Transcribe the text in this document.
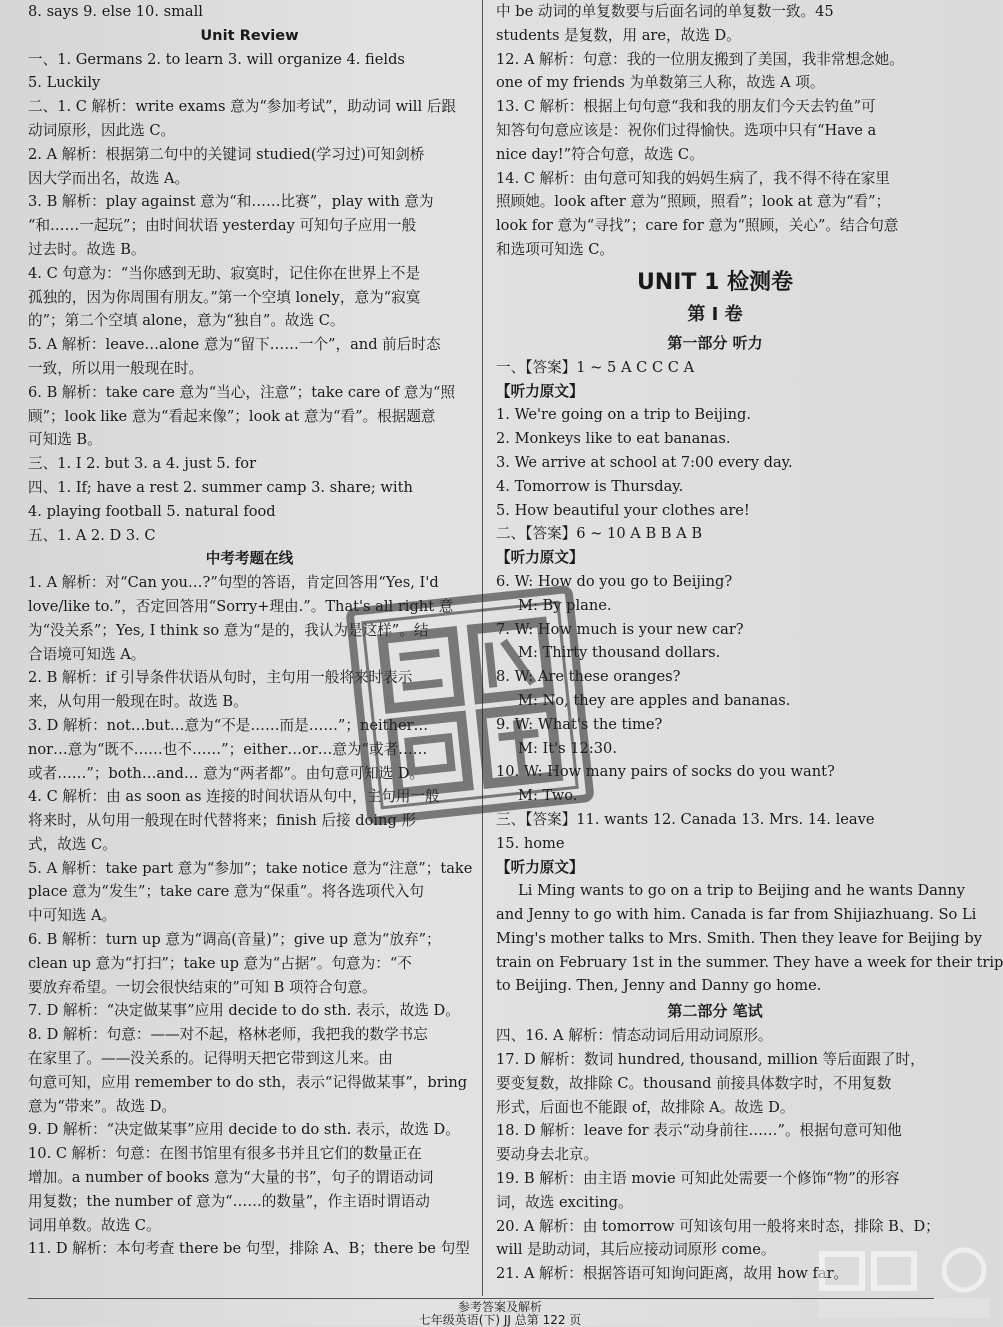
8. says 9. else 10. small
Unit Review
一、1. Germans 2. to learn 3. will organize 4. fields
5. Luckily
二、1. C 解析：write exams 意为“参加考试”，助动词 will 后跟
动词原形，因此选 C。
2. A 解析：根据第二句中的关键词 studied(学习过)可知剑桥
因大学而出名，故选 A。
3. B 解析：play against 意为“和……比赛”，play with 意为
“和……一起玩”；由时间状语 yesterday 可知句子应用一般
过去时。故选 B。
4. C 句意为：“当你感到无助、寂寞时，记住你在世界上不是
孤独的，因为你周围有朋友。”第一个空填 lonely，意为“寂寞
的”；第二个空填 alone，意为“独自”。故选 C。
5. A 解析：leave…alone 意为“留下……一个”，and 前后时态
一致，所以用一般现在时。
6. B 解析：take care 意为“当心，注意”；take care of 意为“照
顾”；look like 意为“看起来像”；look at 意为“看”。根据题意
可知选 B。
三、1. I 2. but 3. a 4. just 5. for
四、1. If; have a rest 2. summer camp 3. share; with
4. playing football 5. natural food
五、1. A 2. D 3. C
中考考题在线
1. A 解析：对“Can you…?”句型的答语，肯定回答用“Yes, I'd
love/like to.”，否定回答用“Sorry+理由.”。That's all right 意
为“没关系”；Yes, I think so 意为“是的，我认为是这样”。结
合语境可知选 A。
2. B 解析：if 引导条件状语从句时，主句用一般将来时表示
来，从句用一般现在时。故选 B。
3. D 解析：not…but…意为“不是……而是……”；neither…
nor…意为“既不……也不……”；either…or…意为“或者……
或者……”；both…and… 意为“两者都”。由句意可知选 D。
4. C 解析：由 as soon as 连接的时间状语从句中，主句用一般
将来时，从句用一般现在时代替将来；finish 后接 doing 形
式，故选 C。
5. A 解析：take part 意为“参加”；take notice 意为“注意”；take
place 意为“发生”；take care 意为“保重”。将各选项代入句
中可知选 A。
6. B 解析：turn up 意为“调高(音量)”；give up 意为“放弃”；
clean up 意为“打扫”；take up 意为“占据”。句意为：“不
要放弃希望。一切会很快结束的”可知 B 项符合句意。
7. D 解析：“决定做某事”应用 decide to do sth. 表示，故选 D。
8. D 解析：句意：——对不起，格林老师，我把我的数学书忘
在家里了。——没关系的。记得明天把它带到这儿来。由
句意可知，应用 remember to do sth，表示“记得做某事”，bring
意为“带来”。故选 D。
9. D 解析：“决定做某事”应用 decide to do sth. 表示，故选 D。
10. C 解析：句意：在图书馆里有很多书并且它们的数量正在
增加。a number of books 意为“大量的书”，句子的谓语动词
用复数；the number of 意为“……的数量”，作主语时谓语动
词用单数。故选 C。
11. D 解析：本句考查 there be 句型，排除 A、B；there be 句型
中 be 动词的单复数要与后面名词的单复数一致。45
students 是复数，用 are，故选 D。
12. A 解析：句意：我的一位朋友搬到了美国，我非常想念她。
one of my friends 为单数第三人称，故选 A 项。
13. C 解析：根据上句句意“我和我的朋友们今天去钓鱼”可
知答句句意应该是：祝你们过得愉快。选项中只有“Have a
nice day!”符合句意，故选 C。
14. C 解析：由句意可知我的妈妈生病了，我不得不待在家里
照顾她。look after 意为“照顾，照看”；look at 意为“看”；
look for 意为“寻找”；care for 意为“照顾，关心”。结合句意
和选项可知选 C。
UNIT 1 检测卷
第 I 卷
第一部分 听力
一、【答案】1 ~ 5 A C C C A
【听力原文】
1. We're going on a trip to Beijing.
2. Monkeys like to eat bananas.
3. We arrive at school at 7:00 every day.
4. Tomorrow is Thursday.
5. How beautiful your clothes are!
二、【答案】6 ~ 10 A B B A B
【听力原文】
6. W: How do you go to Beijing?
M: By plane.
7. W: How much is your new car?
M: Thirty thousand dollars.
8. W: Are these oranges?
M: No, they are apples and bananas.
9. W: What's the time?
M: It's 12:30.
10. W: How many pairs of socks do you want?
M: Two.
三、【答案】11. wants 12. Canada 13. Mrs. 14. leave
15. home
【听力原文】
Li Ming wants to go on a trip to Beijing and he wants Danny
and Jenny to go with him. Canada is far from Shijiazhuang. So Li
Ming's mother talks to Mrs. Smith. Then they leave for Beijing by
train on February 1st in the summer. They have a week for their trip
to Beijing. Then, Jenny and Danny go home.
第二部分 笔试
四、16. A 解析：情态动词后用动词原形。
17. D 解析：数词 hundred, thousand, million 等后面跟了时，
要变复数，故排除 C。thousand 前接具体数字时，不用复数
形式，后面也不能跟 of，故排除 A。故选 D。
18. D 解析：leave for 表示“动身前往……”。根据句意可知他
要动身去北京。
19. B 解析：由主语 movie 可知此处需要一个修饰“物”的形容
词，故选 exciting。
20. A 解析：由 tomorrow 可知该句用一般将来时态，排除 B、D；
will 是助动词，其后应接动词原形 come。
21. A 解析：根据答语可知询问距离，故用 how far。
参考答案及解析
七年级英语(下) JJ 总第 122 页
